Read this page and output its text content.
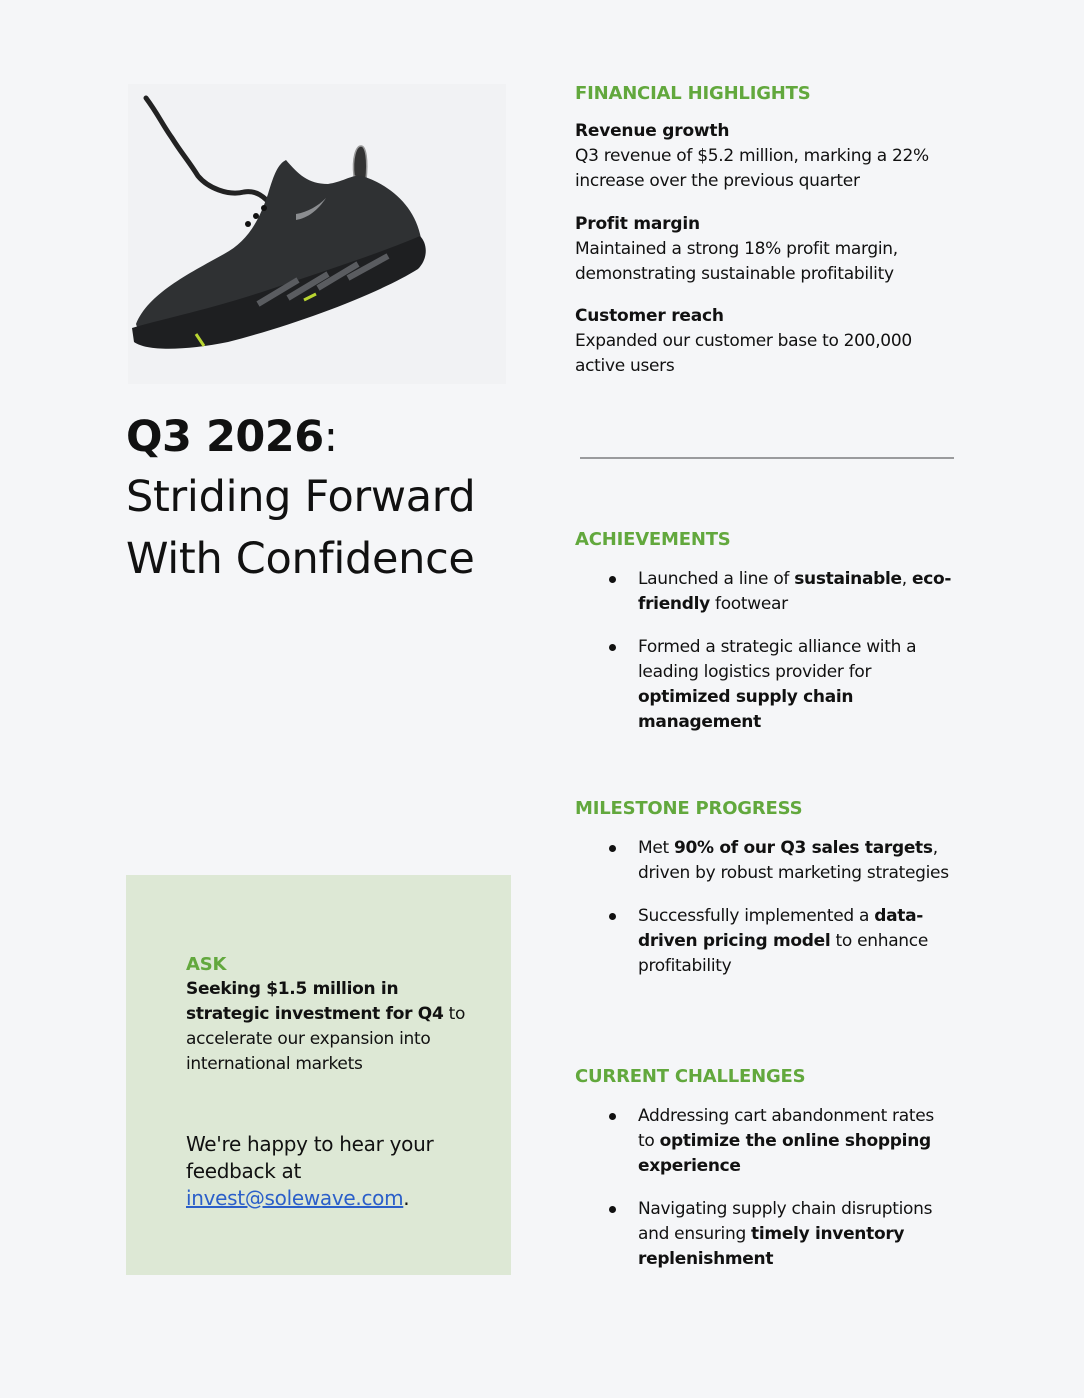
Q3 2026:
Striding Forward
With Confidence
FINANCIAL HIGHLIGHTS
Revenue growth
Q3 revenue of $5.2 million, marking a 22% increase over the previous quarter
Profit margin
Maintained a strong 18% profit margin, demonstrating sustainable profitability
Customer reach
Expanded our customer base to 200,000 active users
ACHIEVEMENTS
Launched a line of sustainable, eco-friendly footwear
Formed a strategic alliance with a leading logistics provider for optimized supply chain management
MILESTONE PROGRESS
Met 90% of our Q3 sales targets, driven by robust marketing strategies
Successfully implemented a data-driven pricing model to enhance profitability
CURRENT CHALLENGES
Addressing cart abandonment rates to optimize the online shopping experience
Navigating supply chain disruptions and ensuring timely inventory replenishment
ASK
Seeking $1.5 million in strategic investment for Q4 to accelerate our expansion into international markets
We're happy to hear your feedback at invest@solewave.com.
